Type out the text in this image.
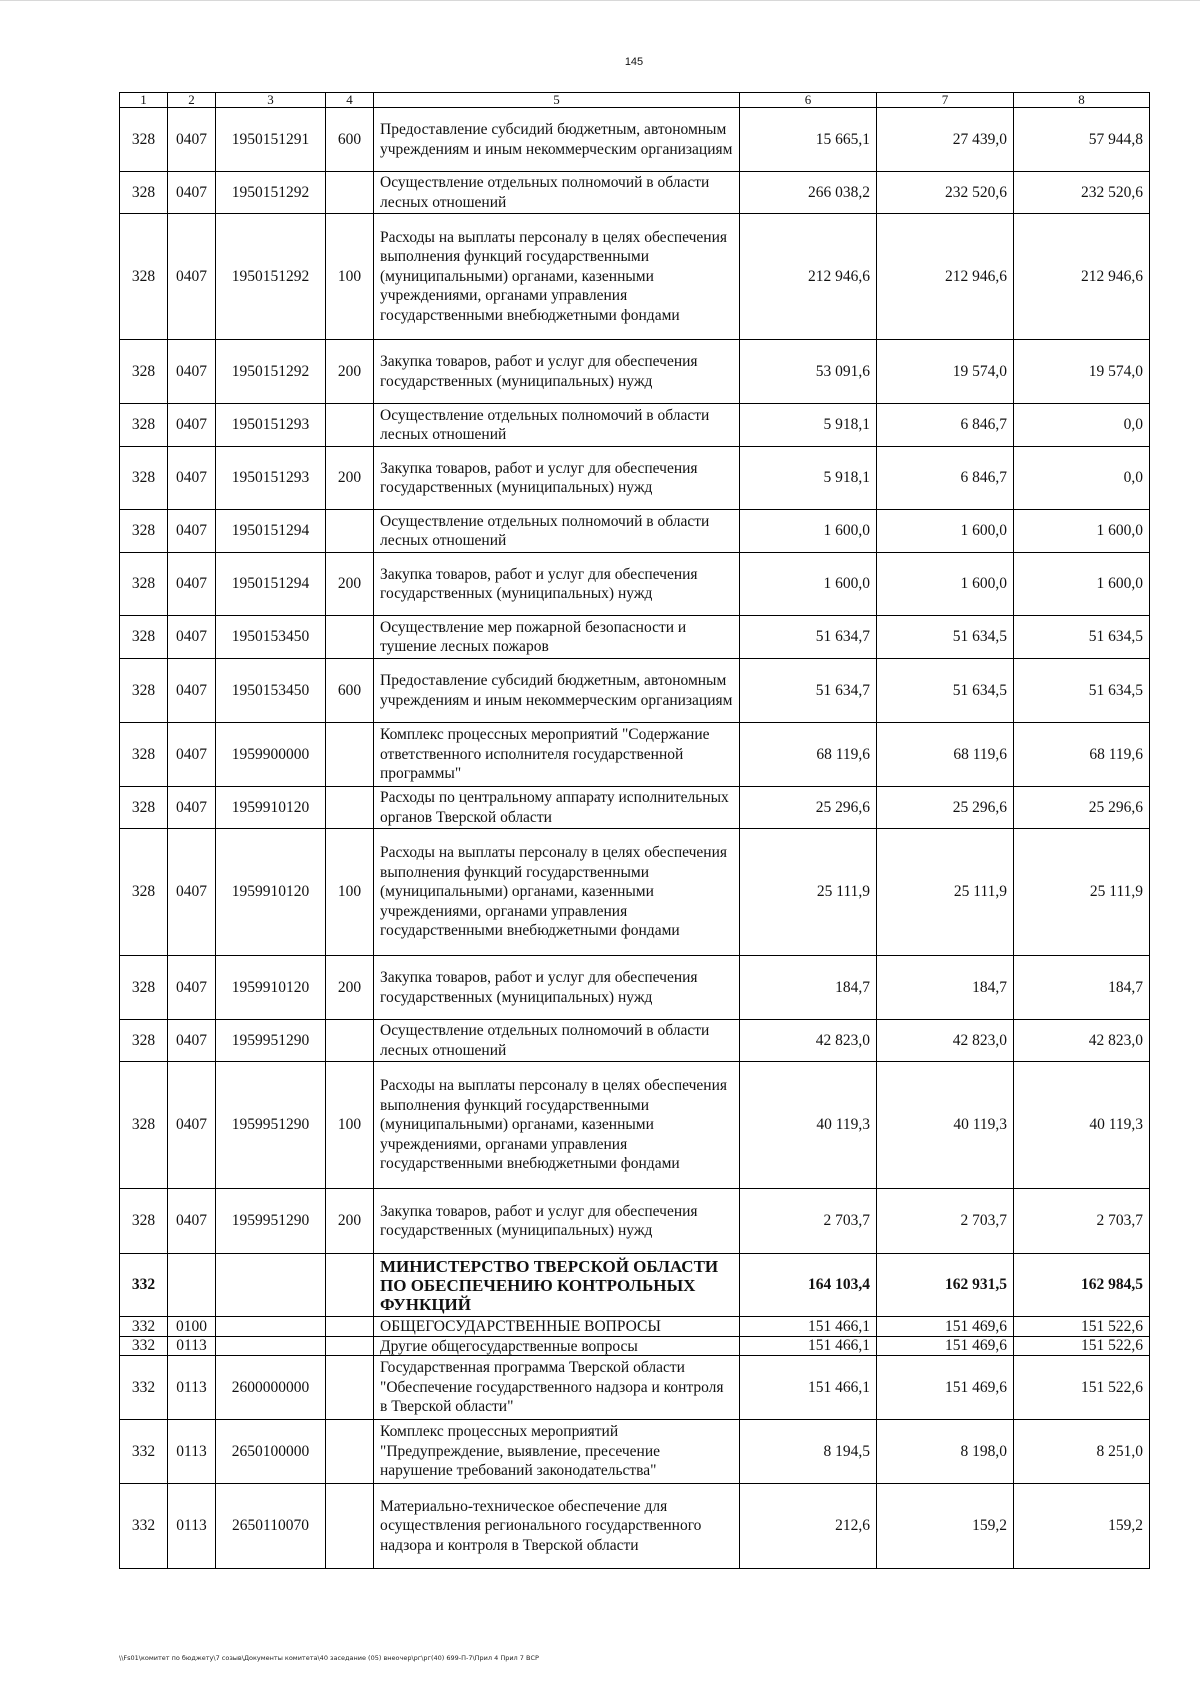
145
1	2	3	4	5	6	7	8
328	0407	1950151291	600	Предоставление субсидий бюджетным, автономным учреждениям и иным некоммерческим организациям	15 665,1	27 439,0	57 944,8
328	0407	1950151292		Осуществление отдельных полномочий в области лесных отношений	266 038,2	232 520,6	232 520,6
328	0407	1950151292	100	Расходы на выплаты персоналу в целях обеспечения выполнения функций государственными (муниципальными) органами, казенными учреждениями, органами управления государственными внебюджетными фондами	212 946,6	212 946,6	212 946,6
328	0407	1950151292	200	Закупка товаров, работ и услуг для обеспечения государственных (муниципальных) нужд	53 091,6	19 574,0	19 574,0
328	0407	1950151293		Осуществление отдельных полномочий в области лесных отношений	5 918,1	6 846,7	0,0
328	0407	1950151293	200	Закупка товаров, работ и услуг для обеспечения государственных (муниципальных) нужд	5 918,1	6 846,7	0,0
328	0407	1950151294		Осуществление отдельных полномочий в области лесных отношений	1 600,0	1 600,0	1 600,0
328	0407	1950151294	200	Закупка товаров, работ и услуг для обеспечения государственных (муниципальных) нужд	1 600,0	1 600,0	1 600,0
328	0407	1950153450		Осуществление мер пожарной безопасности и тушение лесных пожаров	51 634,7	51 634,5	51 634,5
328	0407	1950153450	600	Предоставление субсидий бюджетным, автономным учреждениям и иным некоммерческим организациям	51 634,7	51 634,5	51 634,5
328	0407	1959900000		Комплекс процессных мероприятий "Содержание ответственного исполнителя государственной программы"	68 119,6	68 119,6	68 119,6
328	0407	1959910120		Расходы по центральному аппарату исполнительных органов Тверской области	25 296,6	25 296,6	25 296,6
328	0407	1959910120	100	Расходы на выплаты персоналу в целях обеспечения выполнения функций государственными (муниципальными) органами, казенными учреждениями, органами управления государственными внебюджетными фондами	25 111,9	25 111,9	25 111,9
328	0407	1959910120	200	Закупка товаров, работ и услуг для обеспечения государственных (муниципальных) нужд	184,7	184,7	184,7
328	0407	1959951290		Осуществление отдельных полномочий в области лесных отношений	42 823,0	42 823,0	42 823,0
328	0407	1959951290	100	Расходы на выплаты персоналу в целях обеспечения выполнения функций государственными (муниципальными) органами, казенными учреждениями, органами управления государственными внебюджетными фондами	40 119,3	40 119,3	40 119,3
328	0407	1959951290	200	Закупка товаров, работ и услуг для обеспечения государственных (муниципальных) нужд	2 703,7	2 703,7	2 703,7
332				МИНИСТЕРСТВО ТВЕРСКОЙ ОБЛАСТИ ПО ОБЕСПЕЧЕНИЮ КОНТРОЛЬНЫХ ФУНКЦИЙ	164 103,4	162 931,5	162 984,5
332	0100			ОБЩЕГОСУДАРСТВЕННЫЕ ВОПРОСЫ	151 466,1	151 469,6	151 522,6
332	0113			Другие общегосударственные вопросы	151 466,1	151 469,6	151 522,6
332	0113	2600000000		Государственная программа Тверской области "Обеспечение государственного надзора и контроля в Тверской области"	151 466,1	151 469,6	151 522,6
332	0113	2650100000		Комплекс процессных мероприятий "Предупреждение, выявление, пресечение нарушение требований законодательства"	8 194,5	8 198,0	8 251,0
332	0113	2650110070		Материально-техническое обеспечение для осуществления регионального государственного надзора и контроля в Тверской области	212,6	159,2	159,2
\\Fs01\комитет по бюджету\7 созыв\Документы комитета\40 заседание (05) внеочер\рг\рг(40) 699-П-7\Прил 4 Прил 7 ВСР
